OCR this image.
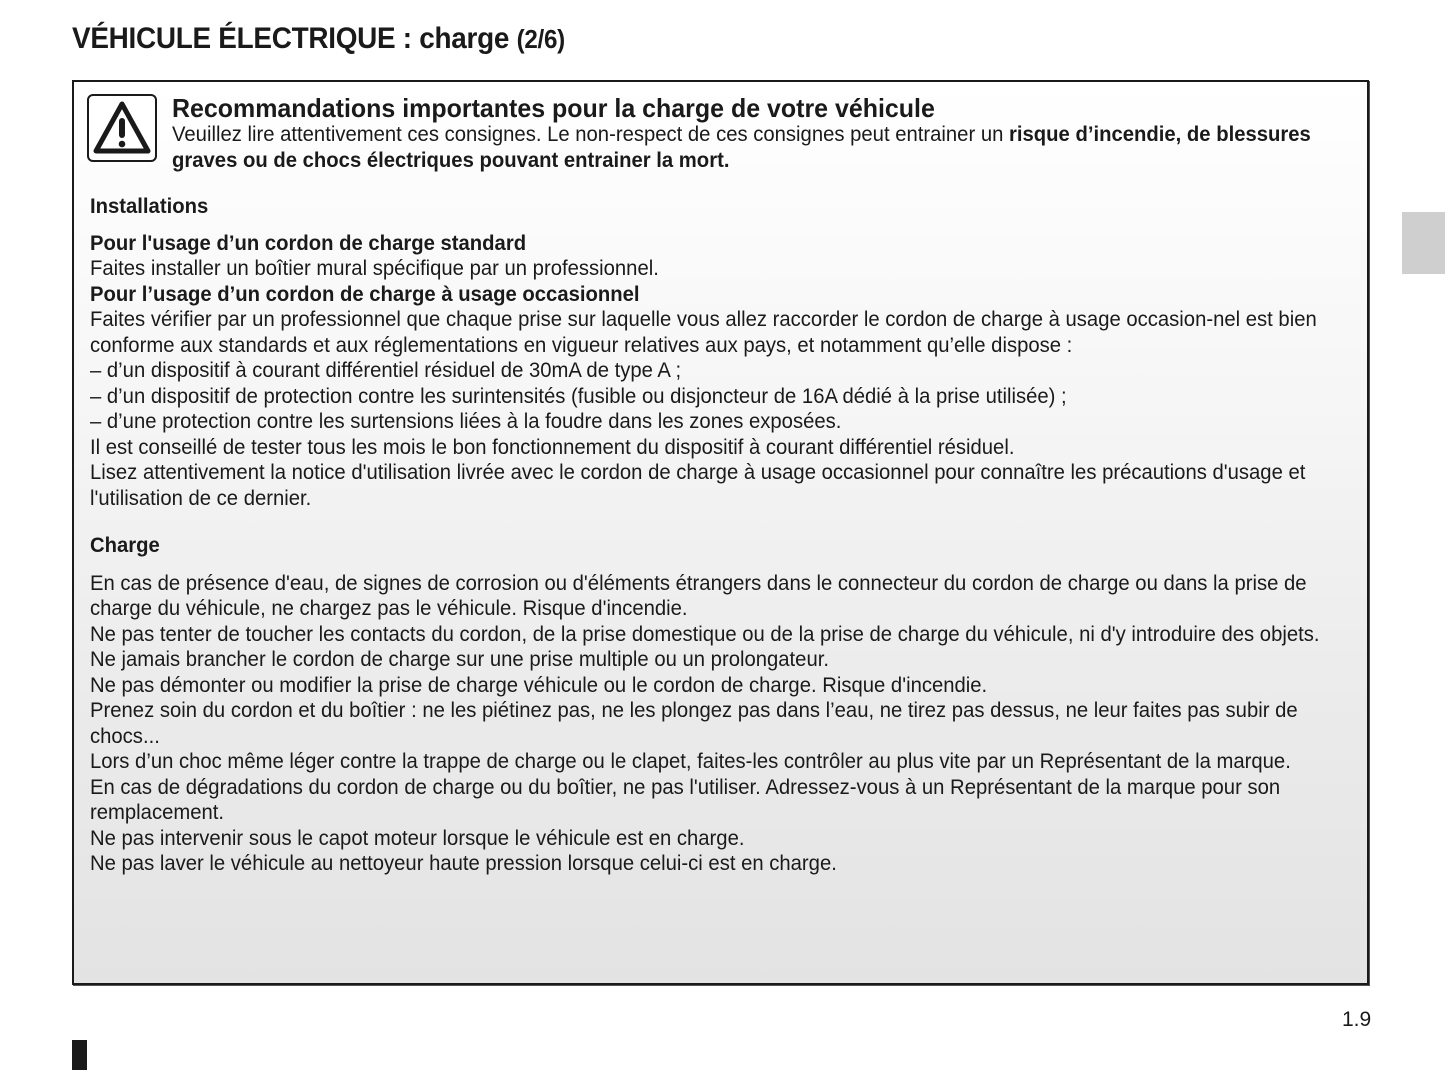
VÉHICULE ÉLECTRIQUE : charge (2/6)
Recommandations importantes pour la charge de votre véhicule
Veuillez lire attentivement ces consignes. Le non-respect de ces consignes peut entrainer un risque d’incendie, de blessures graves ou de chocs électriques pouvant entrainer la mort.

Installations

Pour l'usage d’un cordon de charge standard

Faites installer un boîtier mural spécifique par un professionnel.

Pour l’usage d’un cordon de charge à usage occasionnel

Faites vérifier par un professionnel que chaque prise sur laquelle vous allez raccorder le cordon de charge à usage occasion-nel est bien conforme aux standards et aux réglementations en vigueur relatives aux pays, et notamment qu’elle dispose :

– d’un dispositif à courant différentiel résiduel de 30mA de type A ;

– d’un dispositif de protection contre les surintensités (fusible ou disjoncteur de 16A dédié à la prise utilisée) ;

– d’une protection contre les surtensions liées à la foudre dans les zones exposées.

Il est conseillé de tester tous les mois le bon fonctionnement du dispositif à courant différentiel résiduel.

Lisez attentivement la notice d'utilisation livrée avec le cordon de charge à usage occasionnel pour connaître les précautions d'usage et l'utilisation de ce dernier.

Charge

En cas de présence d'eau, de signes de corrosion ou d'éléments étrangers dans le connecteur du cordon de charge ou dans la prise de charge du véhicule, ne chargez pas le véhicule. Risque d'incendie.

Ne pas tenter de toucher les contacts du cordon, de la prise domestique ou de la prise de charge du véhicule, ni d'y introduire des objets.

Ne jamais brancher le cordon de charge sur une prise multiple ou un prolongateur.

Ne pas démonter ou modifier la prise de charge véhicule ou le cordon de charge. Risque d'incendie.

Prenez soin du cordon et du boîtier : ne les piétinez pas, ne les plongez pas dans l’eau, ne tirez pas dessus, ne leur faites pas subir de chocs...

Lors d’un choc même léger contre la trappe de charge ou le clapet, faites-les contrôler au plus vite par un Représentant de la marque.

En cas de dégradations du cordon de charge ou du boîtier, ne pas l'utiliser. Adressez-vous à un Représentant de la marque pour son remplacement.

Ne pas intervenir sous le capot moteur lorsque le véhicule est en charge.

Ne pas laver le véhicule au nettoyeur haute pression lorsque celui-ci est en charge.

1.9
